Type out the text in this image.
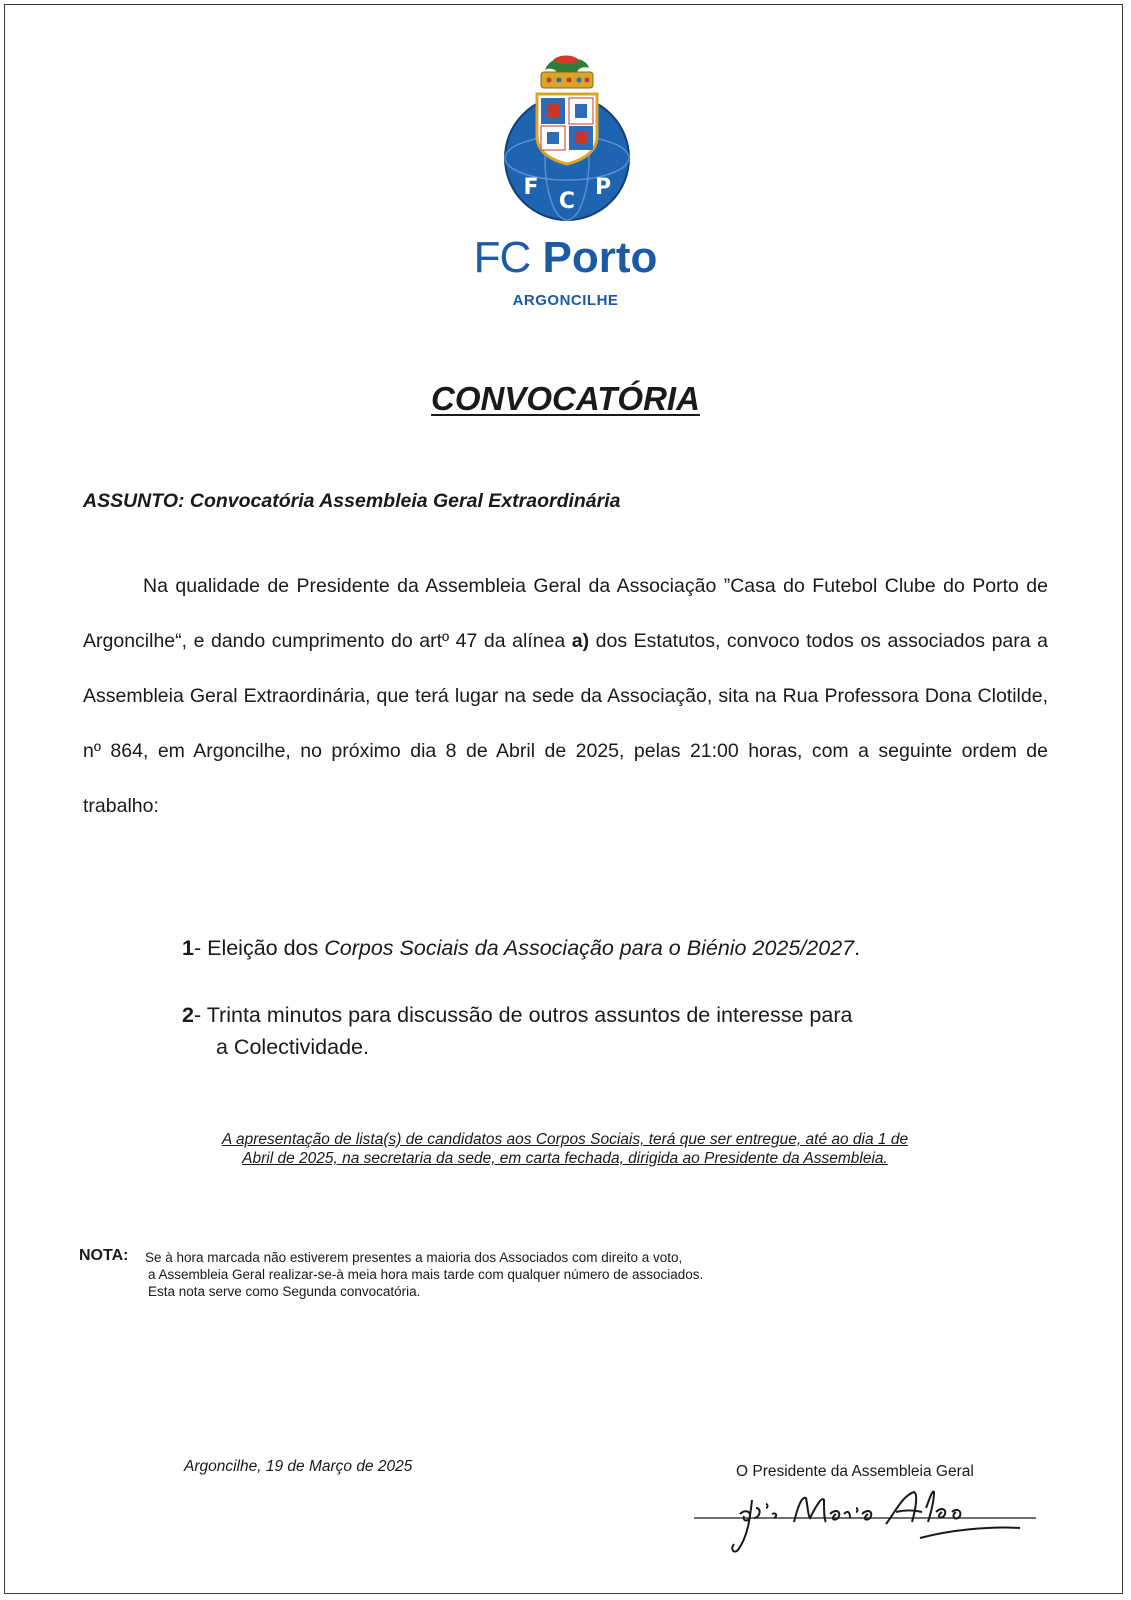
F
C
P
FC Porto
ARGONCILHE
CONVOCATÓRIA
ASSUNTO: Convocatória Assembleia Geral Extraordinária
Na qualidade de Presidente da Assembleia Geral da Associação ”Casa do Futebol Clube do Porto de Argoncilhe“, e dando cumprimento do artº 47 da alínea a) dos Estatutos, convoco todos os associados para a Assembleia Geral Extraordinária, que terá lugar na sede da Associação, sita na Rua Professora Dona Clotilde, nº 864, em Argoncilhe, no próximo dia 8 de Abril de 2025, pelas 21:00 horas, com a seguinte ordem de trabalho:
1- Eleição dos Corpos Sociais da Associação para o Biénio 2025/2027.
2- Trinta minutos para discussão de outros assuntos de interesse para
a Colectividade.
A apresentação de lista(s) de candidatos aos Corpos Sociais, terá que ser entregue, até ao dia 1 de
Abril de 2025, na secretaria da sede, em carta fechada, dirigida ao Presidente da Assembleia.
NOTA: Se à hora marcada não estiverem presentes a maioria dos Associados com direito a voto,
a Assembleia Geral realizar-se-à meia hora mais tarde com qualquer número de associados.
Esta nota serve como Segunda convocatória.
Argoncilhe, 19 de Março de 2025	O Presidente da Assembleia Geral
